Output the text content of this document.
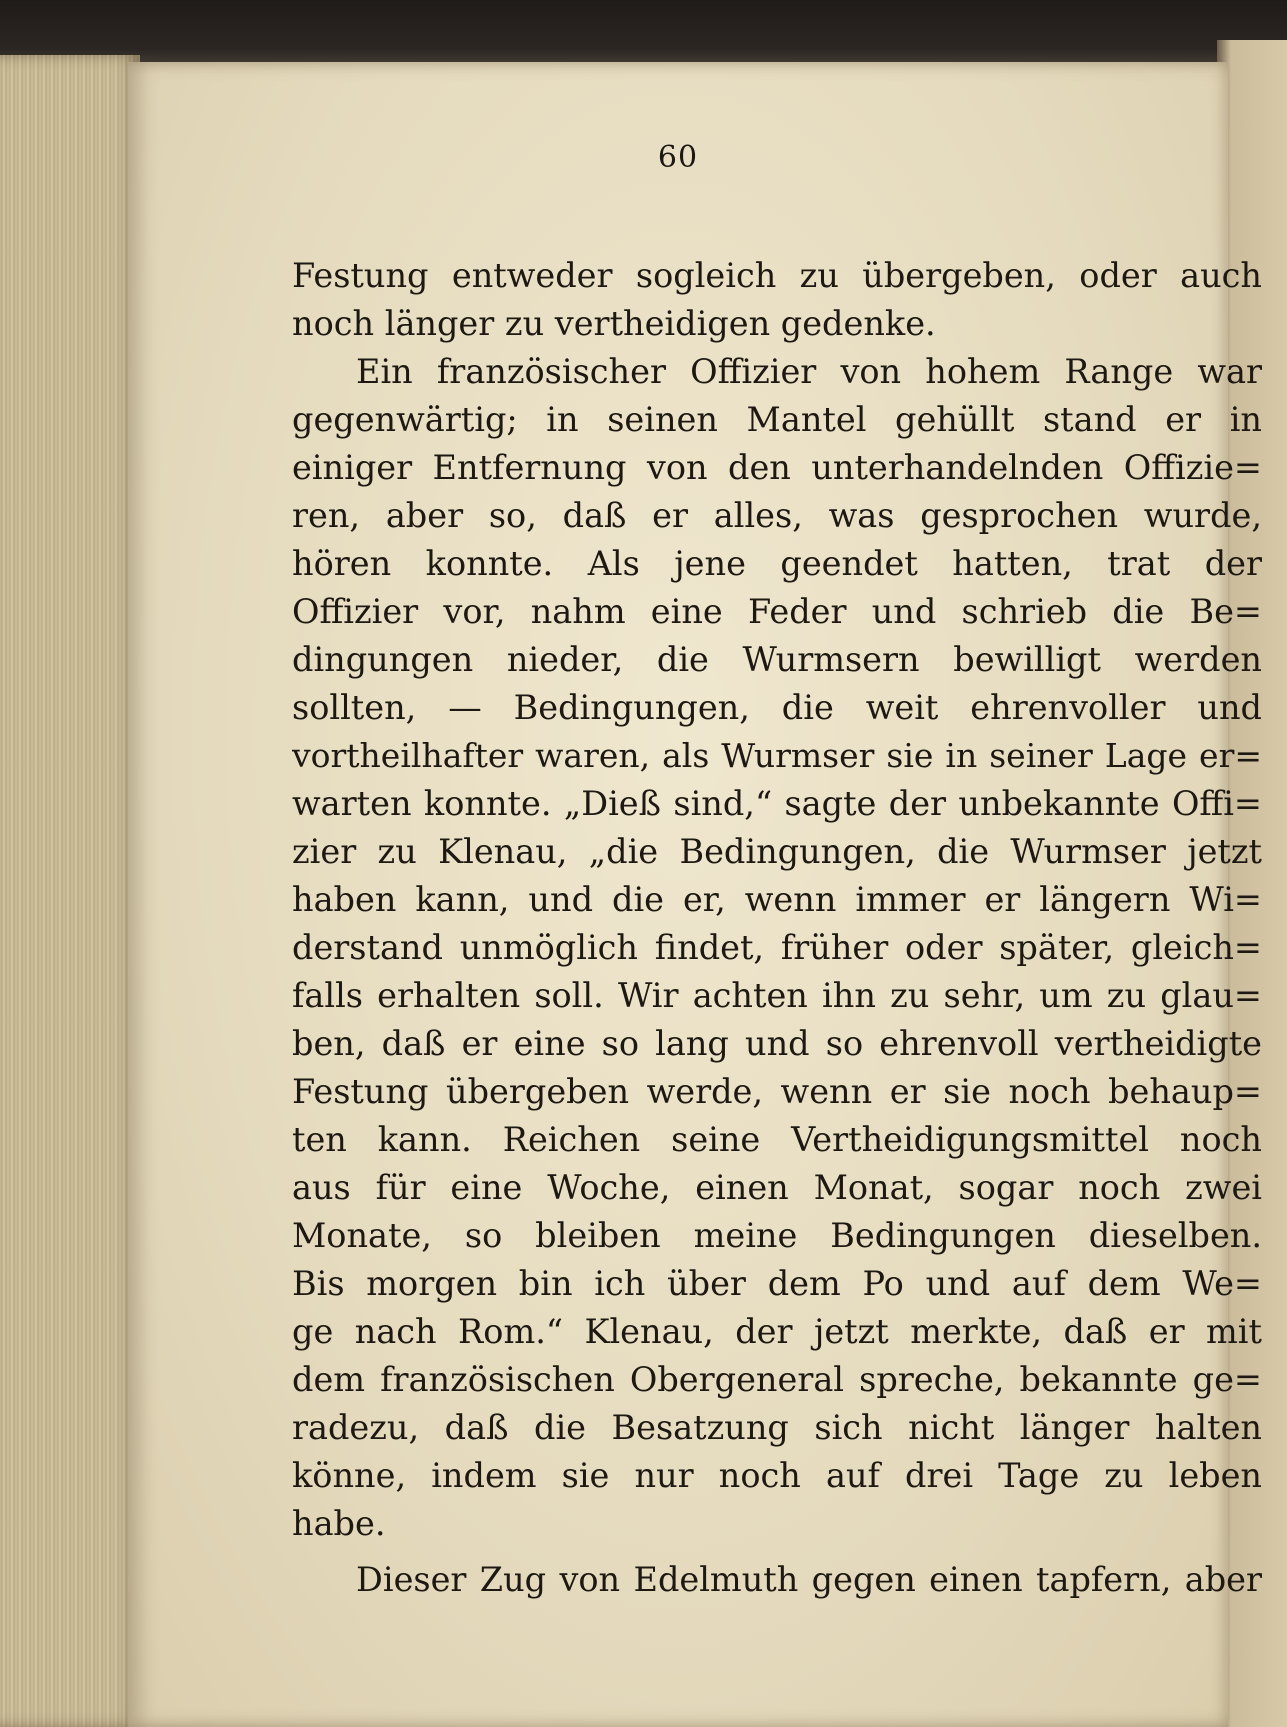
60
Festung entweder sogleich zu übergeben, oder auch
noch länger zu vertheidigen gedenke.
Ein französischer Offizier von hohem Range war
gegenwärtig; in seinen Mantel gehüllt stand er in
einiger Entfernung von den unterhandelnden Offizie=
ren, aber so, daß er alles, was gesprochen wurde,
hören konnte. Als jene geendet hatten, trat der
Offizier vor, nahm eine Feder und schrieb die Be=
dingungen nieder, die Wurmsern bewilligt werden
sollten, — Bedingungen, die weit ehrenvoller und
vortheilhafter waren, als Wurmser sie in seiner Lage er=
warten konnte. „Dieß sind,“ sagte der unbekannte Offi=
zier zu Klenau, „die Bedingungen, die Wurmser jetzt
haben kann, und die er, wenn immer er längern Wi=
derstand unmöglich findet, früher oder später, gleich=
falls erhalten soll. Wir achten ihn zu sehr, um zu glau=
ben, daß er eine so lang und so ehrenvoll vertheidigte
Festung übergeben werde, wenn er sie noch behaup=
ten kann. Reichen seine Vertheidigungsmittel noch
aus für eine Woche, einen Monat, sogar noch zwei
Monate, so bleiben meine Bedingungen dieselben.
Bis morgen bin ich über dem Po und auf dem We=
ge nach Rom.“ Klenau, der jetzt merkte, daß er mit
dem französischen Obergeneral spreche, bekannte ge=
radezu, daß die Besatzung sich nicht länger halten
könne, indem sie nur noch auf drei Tage zu leben
habe.
Dieser Zug von Edelmuth gegen einen tapfern, aber
